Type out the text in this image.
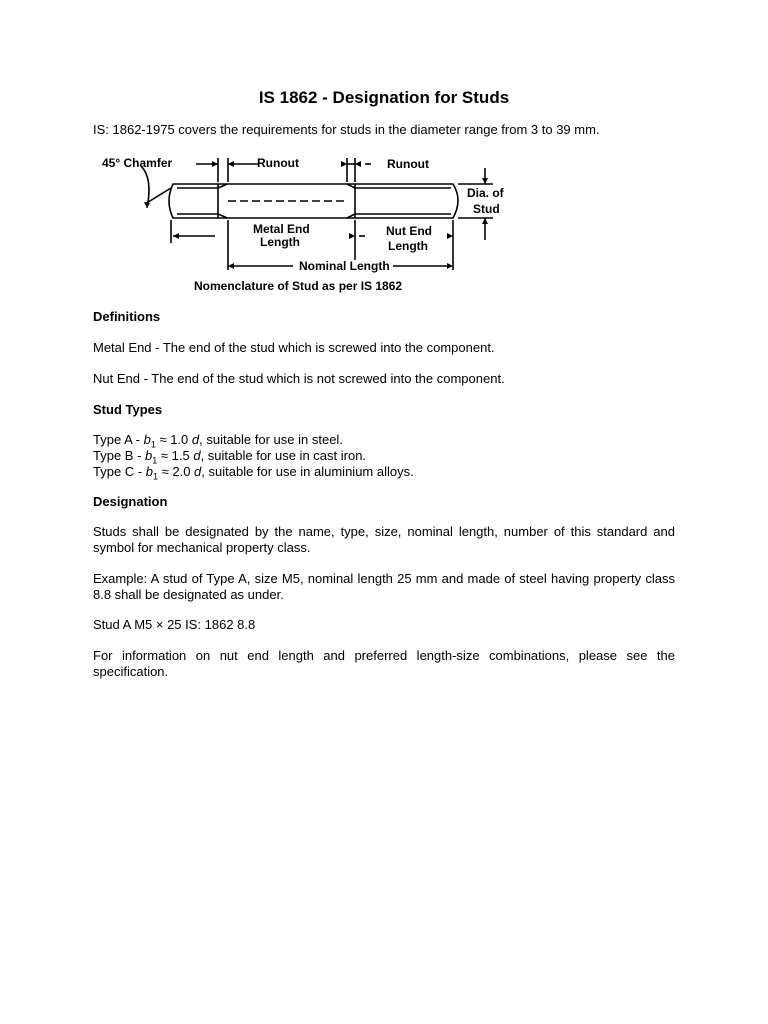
IS 1862 - Designation for Studs

IS: 1862-1975 covers the requirements for studs in the diameter range from 3 to 39 mm.

45° Chamfer	Runout	Runout
Dia. of
Stud
Metal End
Length
Nut End
Length
Nominal Length
Nomenclature of Stud as per IS 1862

Definitions

Metal End - The end of the stud which is screwed into the component.

Nut End - The end of the stud which is not screwed into the component.

Stud Types

Type $A - b_1 \approx 1.0$ d, suitable for use in steel.

Type $B - b_1 \approx 1.5$ d, suitable for use in cast iron.

Type $C - b_1 \approx 2.0$ d, suitable for use in aluminium alloys.

Designation

Studs shall be designated by the name, type, size, nominal length, number of this standard and symbol for mechanical property class.

Example: A stud of Type A, size M5, nominal length 25 mm and made of steel having property class 8.8 shall be designated as under.

Stud A M5 × 25 IS: 1862 8.8

For information on nut end length and preferred length-size combinations, please see the specification.
